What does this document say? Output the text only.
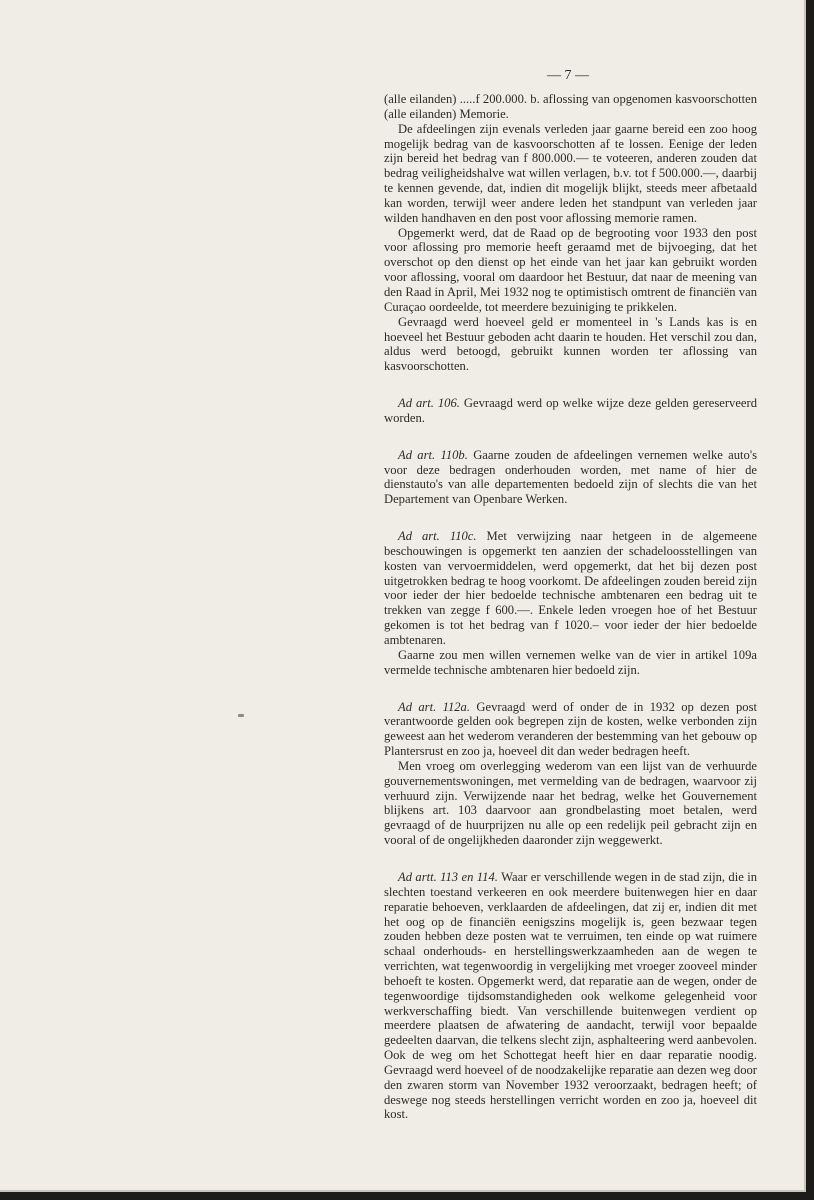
— 7 —

(alle eilanden) .....f 200.000. b. aflossing van opgenomen kasvoorschotten (alle eilanden) Memorie.

De afdeelingen zijn evenals verleden jaar gaarne bereid een zoo hoog mogelijk bedrag van de kasvoorschotten af te lossen. Eenige der leden zijn bereid het bedrag van f 800.000.— te voteeren, anderen zouden dat bedrag veiligheidshalve wat willen verlagen, b.v. tot f 500.000.—, daarbij te kennen gevende, dat, indien dit mogelijk blijkt, steeds meer afbetaald kan worden, terwijl weer andere leden het standpunt van verleden jaar wilden handhaven en den post voor aflossing memorie ramen.

Opgemerkt werd, dat de Raad op de begrooting voor 1933 den post voor aflossing pro memorie heeft geraamd met de bijvoeging, dat het overschot op den dienst op het einde van het jaar kan gebruikt worden voor aflossing, vooral om daardoor het Bestuur, dat naar de meening van den Raad in April, Mei 1932 nog te optimistisch omtrent de financiën van Curaçao oordeelde, tot meerdere bezuiniging te prikkelen.

Gevraagd werd hoeveel geld er momenteel in 's Lands kas is en hoeveel het Bestuur geboden acht daarin te houden. Het verschil zou dan, aldus werd betoogd, gebruikt kunnen worden ter aflossing van kasvoorschotten.

Ad art. 106. Gevraagd werd op welke wijze deze gelden gereserveerd worden.

Ad art. 110b. Gaarne zouden de afdeelingen vernemen welke auto's voor deze bedragen onderhouden worden, met name of hier de dienstauto's van alle departementen bedoeld zijn of slechts die van het Departement van Openbare Werken.

Ad art. 110c. Met verwijzing naar hetgeen in de algemeene beschouwingen is opgemerkt ten aanzien der schadeloosstellingen van kosten van vervoermiddelen, werd opgemerkt, dat het bij dezen post uitgetrokken bedrag te hoog voorkomt. De afdeelingen zouden bereid zijn voor ieder der hier bedoelde technische ambtenaren een bedrag uit te trekken van zegge f 600.—. Enkele leden vroegen hoe of het Bestuur gekomen is tot het bedrag van f 1020.– voor ieder der hier bedoelde ambtenaren.

Gaarne zou men willen vernemen welke van de vier in artikel 109a vermelde technische ambtenaren hier bedoeld zijn.

Ad art. 112a. Gevraagd werd of onder de in 1932 op dezen post verantwoorde gelden ook begrepen zijn de kosten, welke verbonden zijn geweest aan het wederom veranderen der bestemming van het gebouw op Plantersrust en zoo ja, hoeveel dit dan weder bedragen heeft.

Men vroeg om overlegging wederom van een lijst van de verhuurde gouvernementswoningen, met vermelding van de bedragen, waarvoor zij verhuurd zijn. Verwijzende naar het bedrag, welke het Gouvernement blijkens art. 103 daarvoor aan grondbelasting moet betalen, werd gevraagd of de huurprijzen nu alle op een redelijk peil gebracht zijn en vooral of de ongelijkheden daaronder zijn weggewerkt.

Ad artt. 113 en 114. Waar er verschillende wegen in de stad zijn, die in slechten toestand verkeeren en ook meerdere buitenwegen hier en daar reparatie behoeven, verklaarden de afdeelingen, dat zij er, indien dit met het oog op de financiën eenigszins mogelijk is, geen bezwaar tegen zouden hebben deze posten wat te verruimen, ten einde op wat ruimere schaal onderhouds- en herstellingswerkzaamheden aan de wegen te verrichten, wat tegenwoordig in vergelijking met vroeger zooveel minder behoeft te kosten. Opgemerkt werd, dat reparatie aan de wegen, onder de tegenwoordige tijdsomstandigheden ook welkome gelegenheid voor werkverschaffing biedt. Van verschillende buitenwegen verdient op meerdere plaatsen de afwatering de aandacht, terwijl voor bepaalde gedeelten daarvan, die telkens slecht zijn, asphalteering werd aanbevolen. Ook de weg om het Schottegat heeft hier en daar reparatie noodig. Gevraagd werd hoeveel of de noodzakelijke reparatie aan dezen weg door den zwaren storm van November 1932 veroorzaakt, bedragen heeft; of deswege nog steeds herstellingen verricht worden en zoo ja, hoeveel dit kost.
